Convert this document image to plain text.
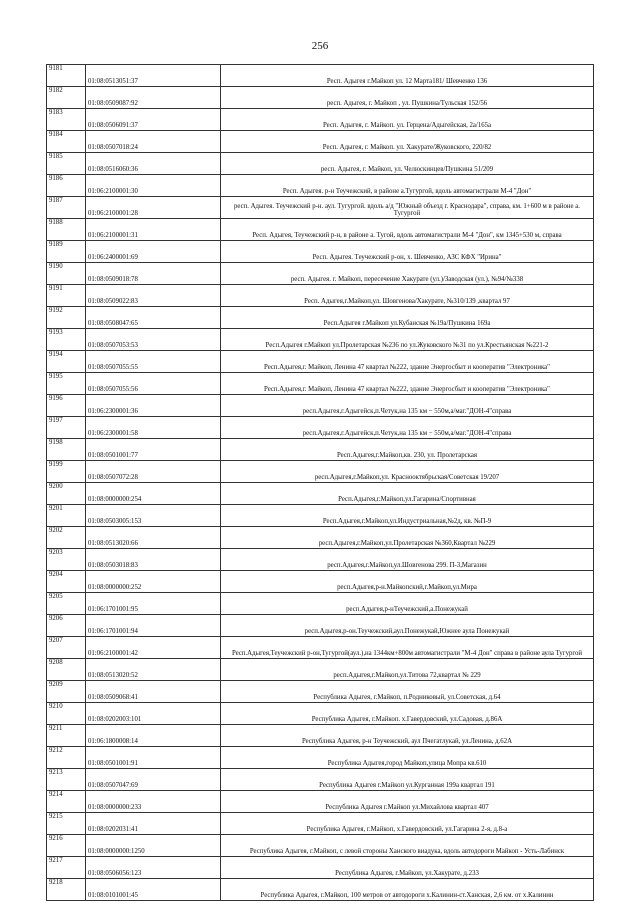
256
9181	01:08:0513051:37	Респ. Адыгея г.Майкоп ул. 12 Марта181/ Шевченко 136
9182	01:08:0509087:92	респ. Адыгея, г. Майкоп , ул. Пушкина/Тульская 152/56
9183	01:08:0506091:37	Респ. Адыгея, г. Майкоп. ул. Герцена/Адыгейская, 2а/165а
9184	01:08:0507018:24	Респ. Адыгея, г. Майкоп. ул. Хакурате/Жуковского, 220/82
9185	01:08:0516060:36	респ. Адыгея, г. Майкоп, ул. Челюскинцев/Пушкина 51/209
9186	01:06:2100001:30	Респ. Адыгея. р-н Теучежский, в районе а.Тугургой, вдоль автомагистрали М-4 "Дон"
9187	01:06:2100001:28	респ. Адыгея. Теучежский р-н. аул. Тугургой. вдоль а/д "Южный объезд г. Краснодара", справа, км. 1+600 м в районе а. Тугургой
9188	01:06:2100001:31	Респ. Адыгея, Теучежский р-н, в районе а. Тугой, вдоль автомагистрали М-4 "Дон", км 1345+530 м, справа
9189	01:06:2400001:69	Респ. Адыгея. Теучежский р-он, х. Шевченко, АЗС КФХ "Ирина"
9190	01:08:0509018:78	респ. Адыгея. г. Майкоп, пересечение Хакурате (ул.)/Заводская (ул.), №94/№338
9191	01:08:0509022:83	Респ. Адыгея,г.Майкоп,ул. Шовгенова/Хакурате, №310/139 ,квартал 97
9192	01:08:0508047:65	Респ.Адыгея г.Майкоп ул.Кубанская №19а/Пушкина 169а
9193	01:08:0507053:53	Респ.Адыгея г.Майкоп ул.Пролетарская №236 по ул.Жуковского №31 по ул.Крестьянская №221-2
9194	01:08:0507055:55	Респ.Адыгея,г. Майкоп, Ленина 47 квартал №222, здание Энергосбыт и кооператив "Электроника"
9195	01:08:0507055:56	Респ.Адыгея,г. Майкоп, Ленина 47 квартал №222, здание Энергосбыт и кооператив "Электроника"
9196	01:06:2300001:36	респ.Адыгея,г.Адыгейск,п.Четук,на 135 км − 550м,а/маг."ДОН-4"справа
9197	01:06:2300001:58	респ.Адыгея,г.Адыгейск,п.Четук,на 135 км − 550м,а/маг."ДОН-4"справа
9198	01:08:0501001:77	Респ.Адыгея,г.Майкоп,кв. 230, ул. Пролетарская
9199	01:08:0507072:28	респ.Адыгея,г.Майкоп,ул. Краснооктябрьская/Советская 19/207
9200	01:08:0000000:254	Респ.Адыгея,г.Майкоп,ул.Гагарина/Спортивная
9201	01:08:0503005:153	Респ.Адыгея,г.Майкоп,ул.Индустриальная,№2д, кв. №П-9
9202	01:08:0513020:66	респ.Адыгея,г.Майкоп,ул.Пролетарская №360,Квартал №229
9203	01:08:0503018:83	респ.Адыгея,г.Майкоп,ул.Шовгенова 299. П-3,Магазин
9204	01:08:0000000:252	респ.Адыгея,р-н.Майкопский,г.Майкоп,ул.Мира
9205	01:06:1701001:95	респ.Адыгея,р-нТеучежский,а.Понежукай
9206	01:06:1701001:94	респ.Адыгея,р-он.Теучежский,аул.Понежукай,Южнее аула Понежукай
9207	01:06:2100001:42	Респ.Адыгея,Теучежский р-он,Тугургой(аул.),на 1344км+800м автомагистрали "М-4 Дон" справа в районе аула Тугургой
9208	01:08:0513020:52	респ.Адыгея,г.Майкоп,ул.Титова 72,квартал № 229
9209	01:08:0509068:41	Республика Адыгея, г.Майкоп, п.Родниковый, ул.Советская, д.64
9210	01:08:0202003:101	Республика Адыгея, г.Майкоп. х.Гавердовский, ул.Садовая, д.86А
9211	01:06:1800008:14	Республика Адыгея, р-н Теучежский, аул Пчегатлукай, ул.Ленина, д.62А
9212	01:08:0501001:91	Республика Адыгея,город Майкоп,улица Мопра кв.610
9213	01:08:0507047:69	Республика Адыгея г.Майкоп ул.Курганная 199а квартал 191
9214	01:08:0000000:233	Республика Адыгея г.Майкоп ул.Михайлова квартал 407
9215	01:08:0202031:41	Республика Адыгея, г.Майкоп, х.Гавердовский, ул.Гагарина 2-я, д.8-а
9216	01:08:0000000:1250	Республика Адыгея, г.Майкоп, с левой стороны Ханского виадука, вдоль автодороги Майкоп - Усть-Лабинск
9217	01:08:0506056:123	Республика Адыгея, г.Майкоп, ул.Хакурате, д.233
9218	01:08:0101001:45	Республика Адыгея, г.Майкоп, 100 метров от автодороги х.Калинин-ст.Ханская, 2,6 км. от х.Калинин
